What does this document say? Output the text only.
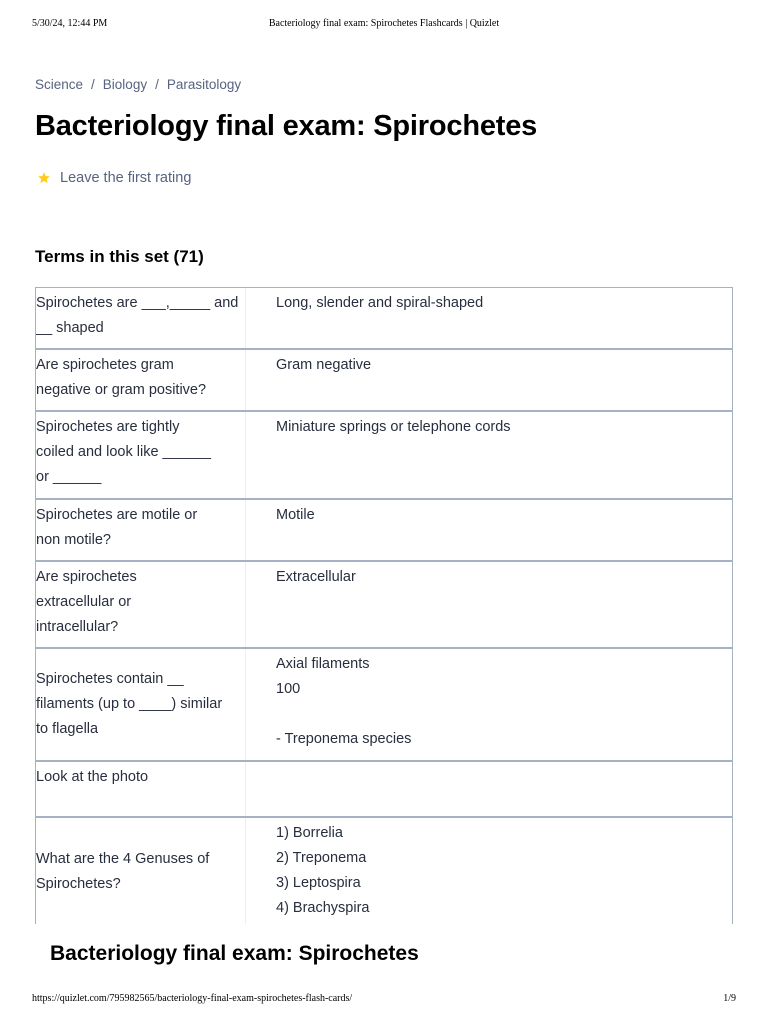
5/30/24, 12:44 PM	Bacteriology final exam: Spirochetes Flashcards | Quizlet
Science / Biology / Parasitology
Bacteriology final exam: Spirochetes
Leave the first rating
Terms in this set (71)
Spirochetes are ___,_____ and
__ shaped
Long, slender and spiral-shaped
Are spirochetes gram
negative or gram positive?
Gram negative
Spirochetes are tightly
coiled and look like ______
or ______
Miniature springs or telephone cords
Spirochetes are motile or
non motile?
Motile
Are spirochetes
extracellular or
intracellular?
Extracellular
Spirochetes contain __
filaments (up to ____) similar
to flagella
Axial filaments
100

- Treponema species
Look at the photo
What are the 4 Genuses of
Spirochetes?
1) Borrelia
2) Treponema
3) Leptospira
4) Brachyspira
Bacteriology final exam: Spirochetes
https://quizlet.com/795982565/bacteriology-final-exam-spirochetes-flash-cards/	1/9
